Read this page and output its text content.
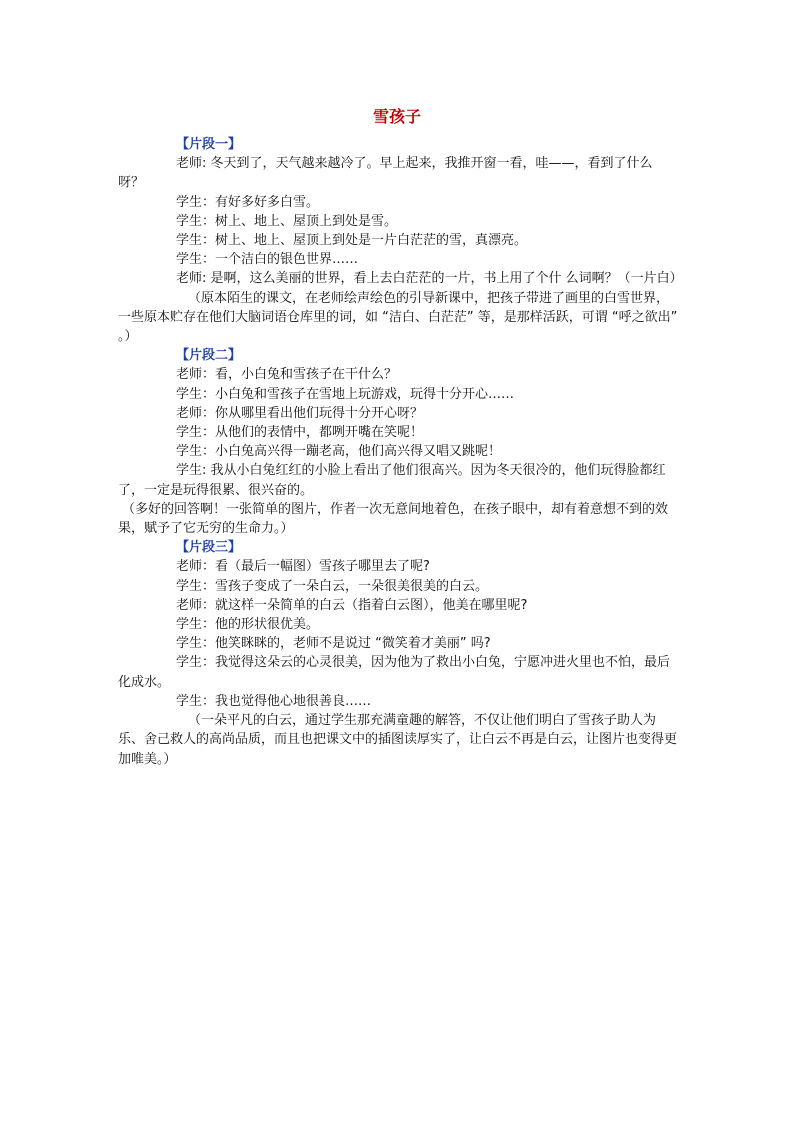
雪孩子

【片段一】

老师: 冬天到了，天气越来越冷了。早上起来，我推开窗一看，哇——，看到了什么呀？

学生：有好多好多白雪。

学生：树上、地上、屋顶上到处是雪。

学生：树上、地上、屋顶上到处是一片白茫茫的雪，真漂亮。

学生：一个洁白的银色世界……

老师: 是啊，这么美丽的世界，看上去白茫茫的一片，书上用了个什 么词啊？（一片白）

（原本陌生的课文，在老师绘声绘色的引导新课中，把孩子带进了画里的白雪世界，一些原本贮存在他们大脑词语仓库里的词，如 “洁白、白茫茫” 等，是那样活跃，可谓 “呼之欲出” 。）

【片段二】

老师：看，小白兔和雪孩子在干什么？

学生：小白兔和雪孩子在雪地上玩游戏，玩得十分开心……

老师：你从哪里看出他们玩得十分开心呀？

学生：从他们的表情中，都咧开嘴在笑呢！

学生：小白兔高兴得一蹦老高，他们高兴得又唱又跳呢！

学生: 我从小白兔红红的小脸上看出了他们很高兴。因为冬天很冷的，他们玩得脸都红了，一定是玩得很累、很兴奋的。

（多好的回答啊！一张简单的图片，作者一次无意间地着色，在孩子眼中，却有着意想不到的效果，赋予了它无穷的生命力。）

【片段三】

老师：看（最后一幅图）雪孩子哪里去了呢?

学生：雪孩子变成了一朵白云，一朵很美很美的白云。

老师：就这样一朵简单的白云（指着白云图），他美在哪里呢?

学生：他的形状很优美。

学生：他笑眯眯的，老师不是说过 “微笑着才美丽” 吗?

学生：我觉得这朵云的心灵很美，因为他为了救出小白兔，宁愿冲进火里也不怕，最后化成水。

学生：我也觉得他心地很善良……

（一朵平凡的白云，通过学生那充满童趣的解答，不仅让他们明白了雪孩子助人为乐、舍己救人的高尚品质，而且也把课文中的插图读厚实了，让白云不再是白云，让图片也变得更加唯美。）
